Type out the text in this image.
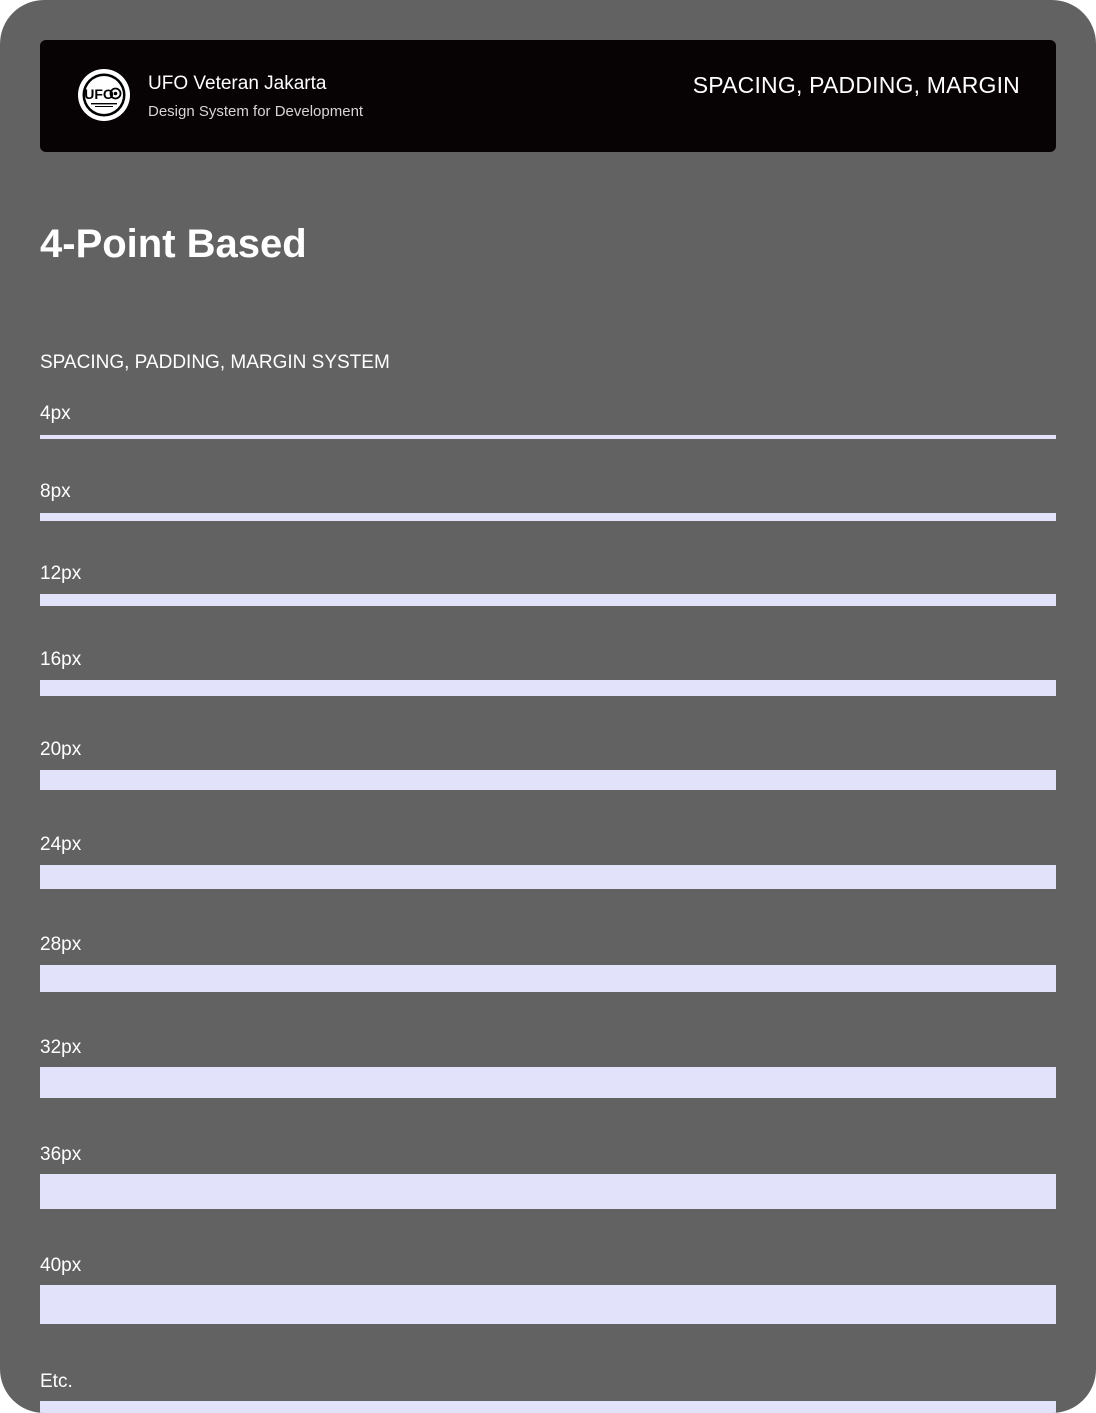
UFO UFO Veteran Jakarta
Design System for Development
SPACING, PADDING, MARGIN
4-Point Based
SPACING, PADDING, MARGIN SYSTEM
4px
8px
12px
16px
20px
24px
28px
32px
36px
40px
Etc.
